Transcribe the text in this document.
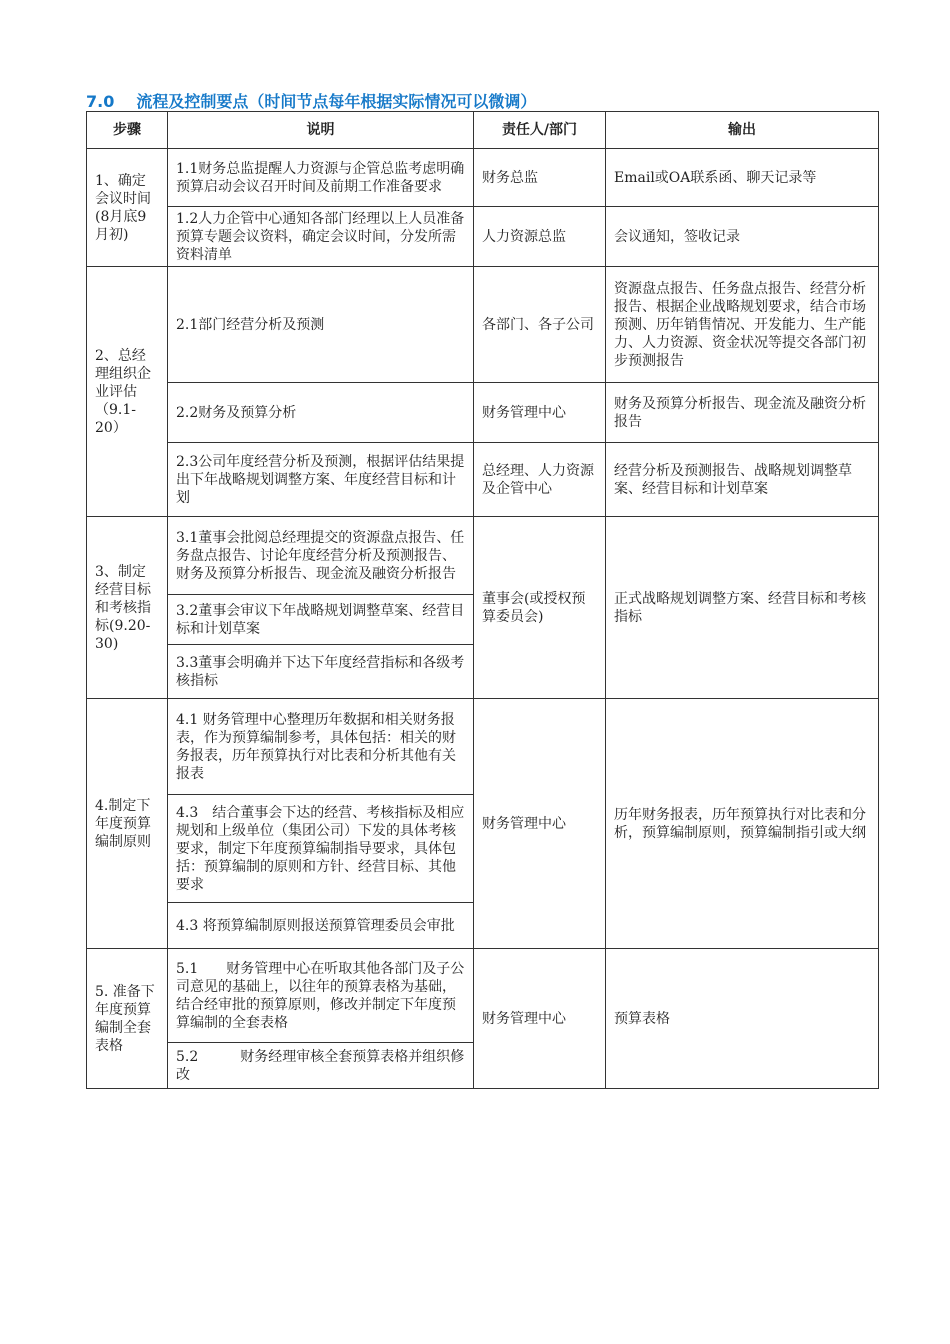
7.0 流程及控制要点（时间节点每年根据实际情况可以微调）
步骤	说明	责任人/部门	输出
1、确定会议时间(8月底9月初)	1.1财务总监提醒人力资源与企管总监考虑明确预算启动会议召开时间及前期工作准备要求	财务总监	Email或OA联系函、聊天记录等
	1.2人力企管中心通知各部门经理以上人员准备预算专题会议资料，确定会议时间，分发所需资料清单	人力资源总监	会议通知，签收记录
2、总经理组织企业评估（9.1-20）	2.1部门经营分析及预测	各部门、各子公司	资源盘点报告、任务盘点报告、经营分析报告、根据企业战略规划要求，结合市场预测、历年销售情况、开发能力、生产能力、人力资源、资金状况等提交各部门初步预测报告
	2.2财务及预算分析	财务管理中心	财务及预算分析报告、现金流及融资分析报告
	2.3公司年度经营分析及预测，根据评估结果提出下年战略规划调整方案、年度经营目标和计划	总经理、人力资源及企管中心	经营分析及预测报告、战略规划调整草案、经营目标和计划草案
3、制定经营目标和考核指标(9.20-30)	3.1董事会批阅总经理提交的资源盘点报告、任务盘点报告、讨论年度经营分析及预测报告、财务及预算分析报告、现金流及融资分析报告	董事会(或授权预算委员会)	正式战略规划调整方案、经营目标和考核指标
	3.2董事会审议下年战略规划调整草案、经营目标和计划草案		
	3.3董事会明确并下达下年度经营指标和各级考核指标		
4.制定下年度预算编制原则	4.1 财务管理中心整理历年数据和相关财务报表，作为预算编制参考，具体包括：相关的财务报表，历年预算执行对比表和分析其他有关报表	财务管理中心	历年财务报表，历年预算执行对比表和分析，预算编制原则，预算编制指引或大纲
	4.3　结合董事会下达的经营、考核指标及相应规划和上级单位（集团公司）下发的具体考核要求，制定下年度预算编制指导要求，具体包括：预算编制的原则和方针、经营目标、其他要求		
	4.3 将预算编制原则报送预算管理委员会审批		
5. 准备下年度预算编制全套表格	5.1　　财务管理中心在听取其他各部门及子公司意见的基础上，以往年的预算表格为基础，结合经审批的预算原则，修改并制定下年度预算编制的全套表格	财务管理中心	预算表格
	5.2　　　财务经理审核全套预算表格并组织修改		
